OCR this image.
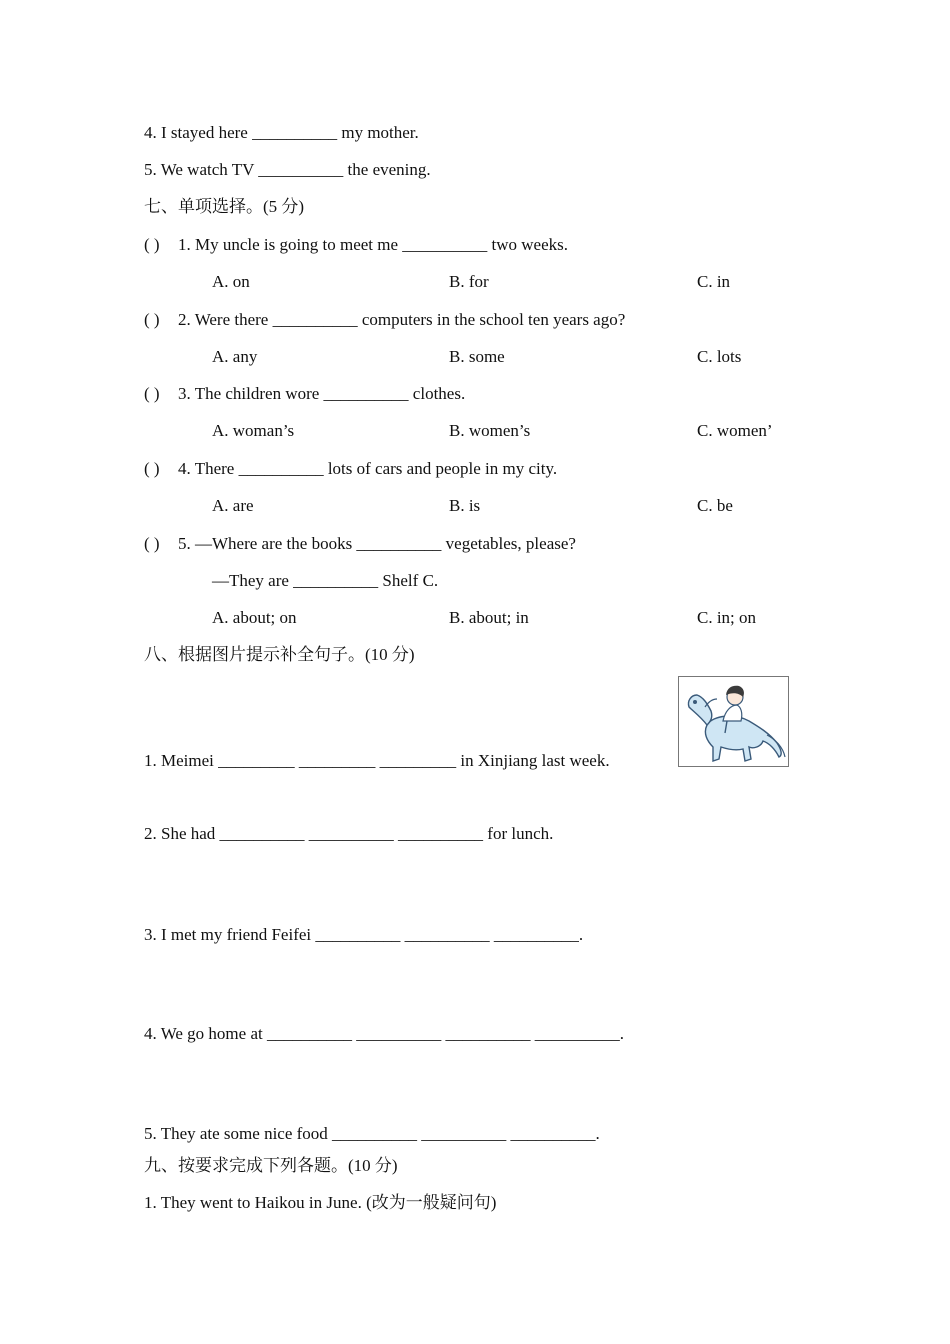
4. I stayed here __________ my mother.
5. We watch TV __________ the evening.
七、单项选择。(5 分)
( ) 1. My uncle is going to meet me __________ two weeks.
A. on	B. for	C. in
( ) 2. Were there __________ computers in the school ten years ago?
A. any	B. some	C. lots
( ) 3. The children wore __________ clothes.
A. woman’s	B. women’s	C. women’
( ) 4. There __________ lots of cars and people in my city.
A. are	B. is	C. be
( ) 5. —Where are the books __________ vegetables, please?
—They are __________ Shelf C.
A. about; on	B. about; in	C. in; on
八、根据图片提示补全句子。(10 分)
1. Meimei _________ _________ _________ in Xinjiang last week.
2. She had __________ __________ __________ for lunch.
3. I met my friend Feifei __________ __________ __________.
4. We go home at __________ __________ __________ __________.
5. They ate some nice food __________ __________ __________.
九、按要求完成下列各题。(10 分)
1. They went to Haikou in June. (改为一般疑问句)
